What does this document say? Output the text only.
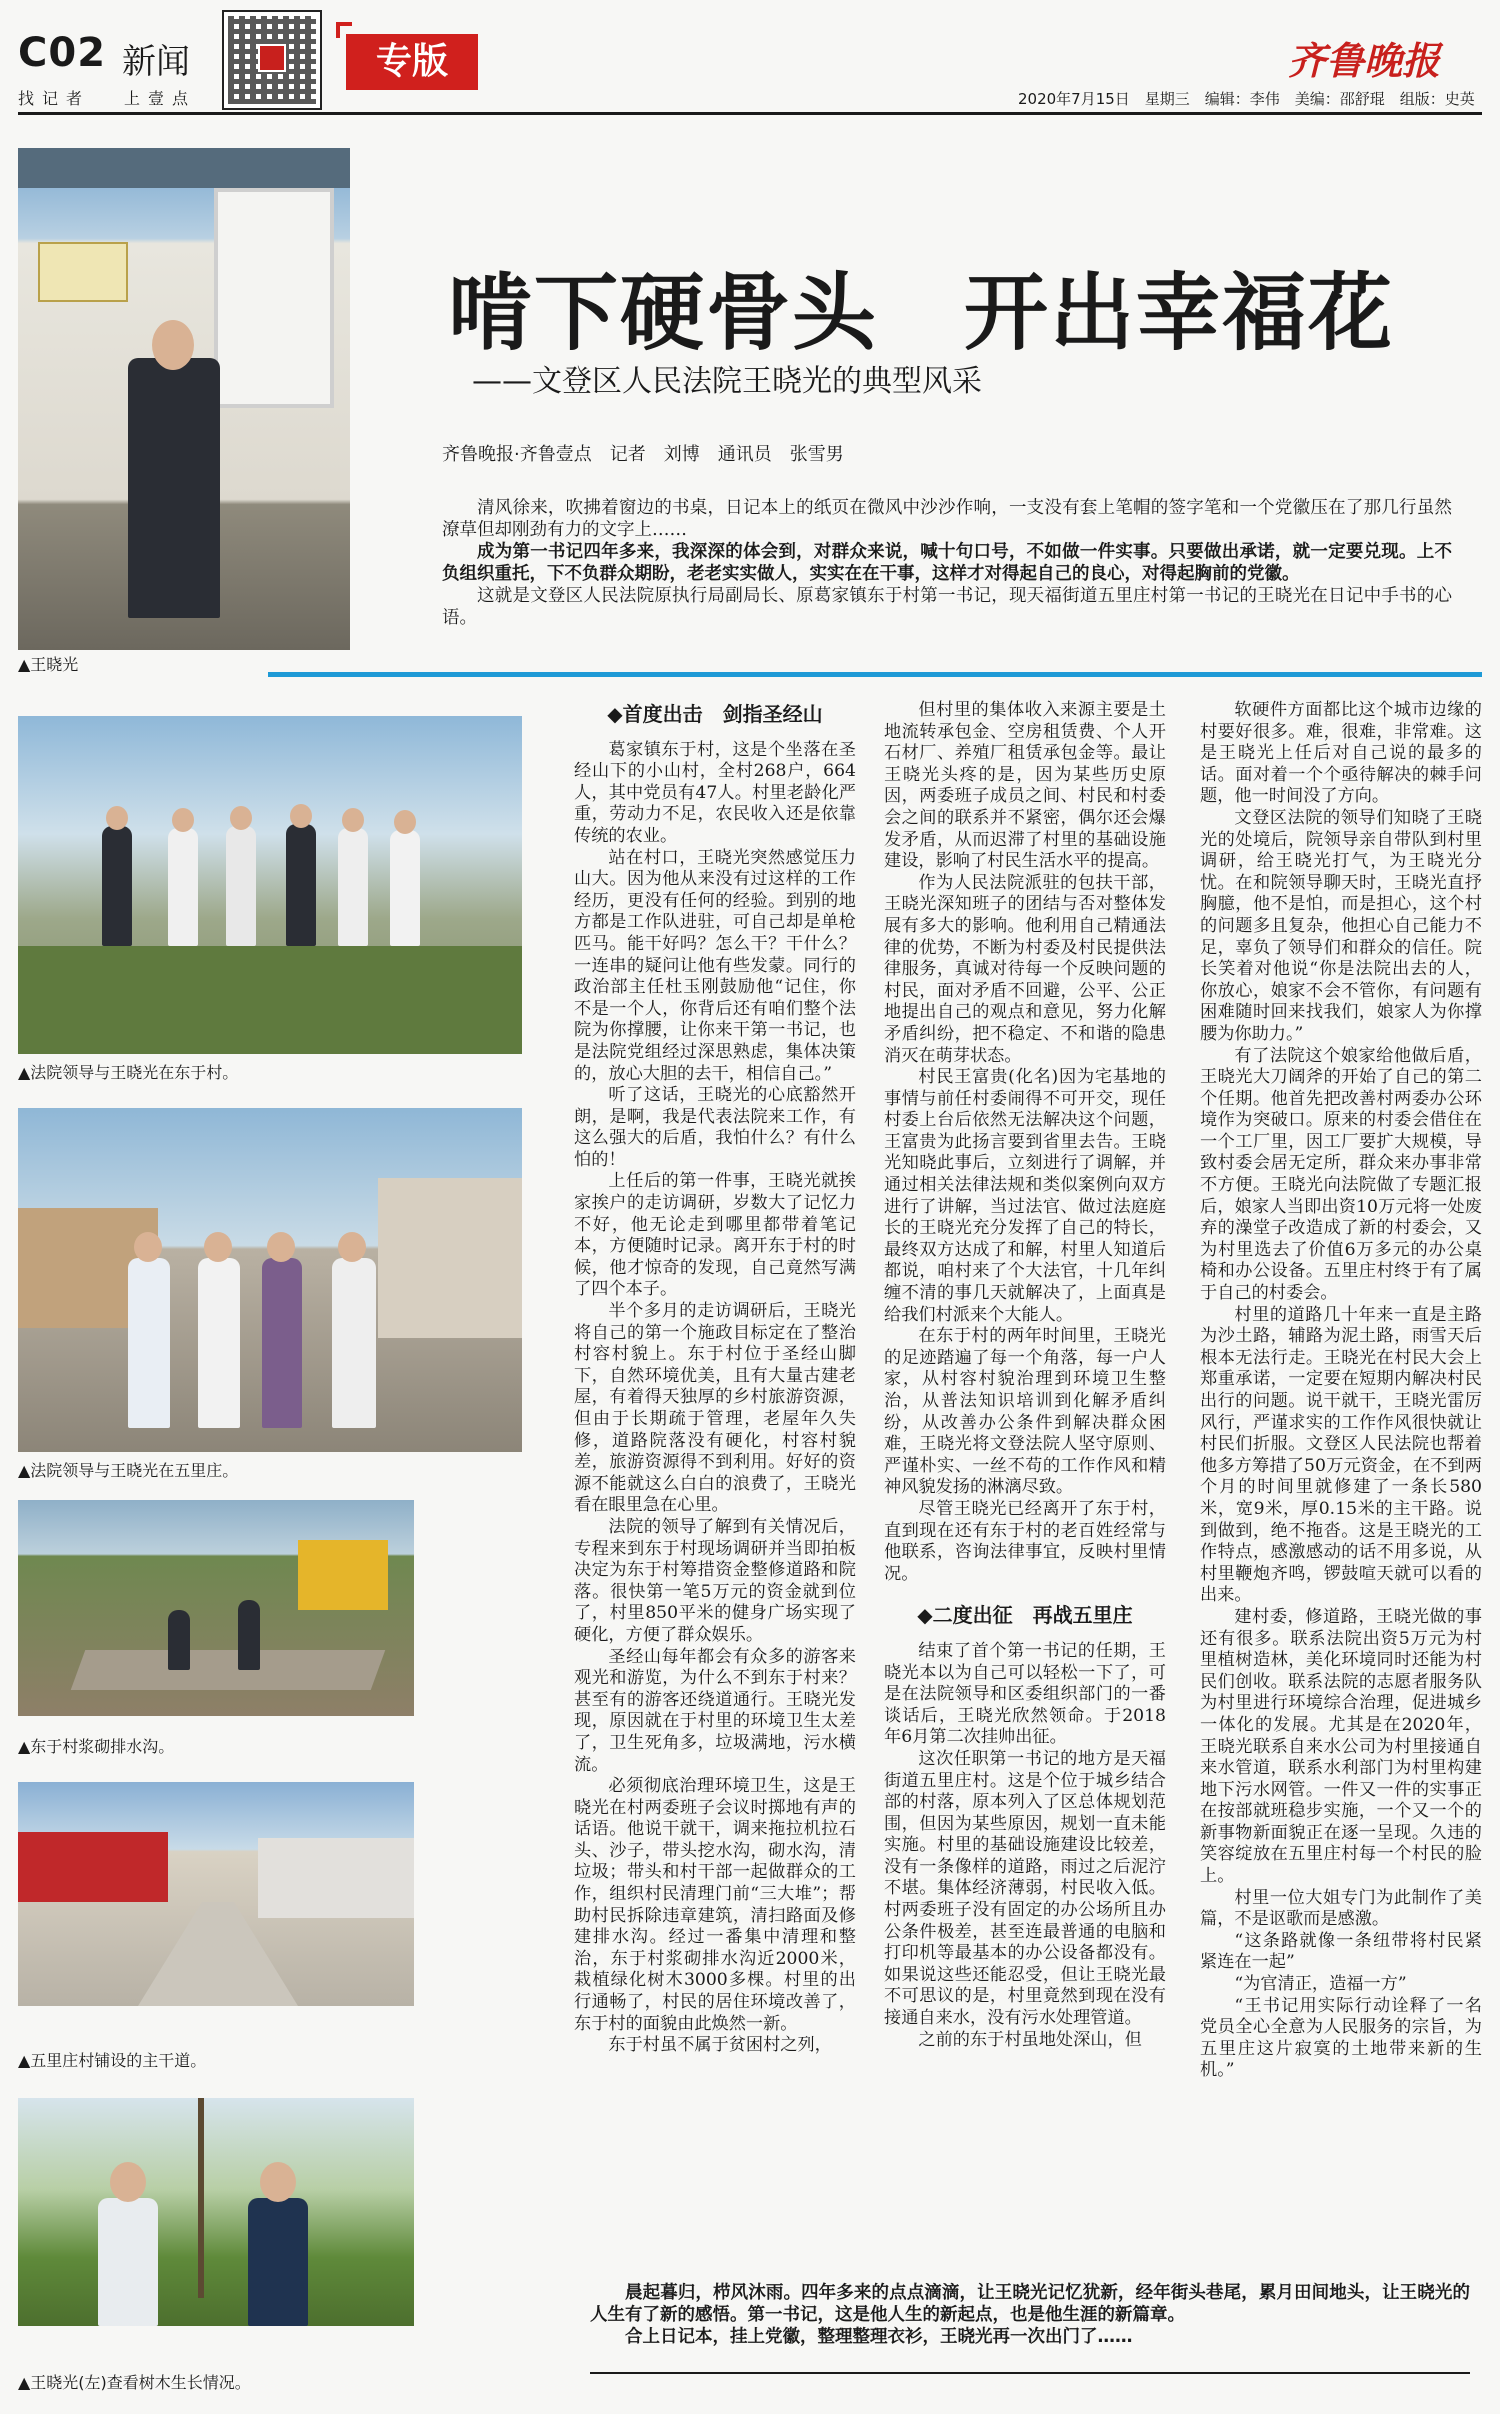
C02 新闻
找记者 上壹点
专版	齐鲁晚报
2020年7月15日　星期三　编辑：李伟　美编：邵舒琨　组版：史英
▲王晓光
啃下硬骨头　开出幸福花
——文登区人民法院王晓光的典型风采
齐鲁晚报·齐鲁壹点　记者　刘博　通讯员　张雪男

清风徐来，吹拂着窗边的书桌，日记本上的纸页在微风中沙沙作响，一支没有套上笔帽的签字笔和一个党徽压在了那几行虽然潦草但却刚劲有力的文字上……

成为第一书记四年多来，我深深的体会到，对群众来说，喊十句口号，不如做一件实事。只要做出承诺，就一定要兑现。上不负组织重托，下不负群众期盼，老老实实做人，实实在在干事，这样才对得起自己的良心，对得起胸前的党徽。

这就是文登区人民法院原执行局副局长、原葛家镇东于村第一书记，现天福街道五里庄村第一书记的王晓光在日记中手书的心语。

▲法院领导与王晓光在东于村。
▲法院领导与王晓光在五里庄。
▲东于村浆砌排水沟。
▲五里庄村铺设的主干道。
▲王晓光(左)查看树木生长情况。
◆首度出击　剑指圣经山

葛家镇东于村，这是个坐落在圣经山下的小山村，全村268户，664人，其中党员有47人。村里老龄化严重，劳动力不足，农民收入还是依靠传统的农业。

站在村口，王晓光突然感觉压力山大。因为他从来没有过这样的工作经历，更没有任何的经验。到别的地方都是工作队进驻，可自己却是单枪匹马。能干好吗？怎么干？干什么？一连串的疑问让他有些发蒙。同行的政治部主任杜玉刚鼓励他“记住，你不是一个人，你背后还有咱们整个法院为你撑腰，让你来干第一书记，也是法院党组经过深思熟虑，集体决策的，放心大胆的去干，相信自己。”

听了这话，王晓光的心底豁然开朗，是啊，我是代表法院来工作，有这么强大的后盾，我怕什么？有什么怕的！

上任后的第一件事，王晓光就挨家挨户的走访调研，岁数大了记忆力不好，他无论走到哪里都带着笔记本，方便随时记录。离开东于村的时候，他才惊奇的发现，自己竟然写满了四个本子。

半个多月的走访调研后，王晓光将自己的第一个施政目标定在了整治村容村貌上。东于村位于圣经山脚下，自然环境优美，且有大量古建老屋，有着得天独厚的乡村旅游资源，但由于长期疏于管理，老屋年久失修，道路院落没有硬化，村容村貌差，旅游资源得不到利用。好好的资源不能就这么白白的浪费了，王晓光看在眼里急在心里。

法院的领导了解到有关情况后，专程来到东于村现场调研并当即拍板决定为东于村筹措资金整修道路和院落。很快第一笔5万元的资金就到位了，村里850平米的健身广场实现了硬化，方便了群众娱乐。

圣经山每年都会有众多的游客来观光和游览，为什么不到东于村来？甚至有的游客还绕道通行。王晓光发现，原因就在于村里的环境卫生太差了，卫生死角多，垃圾满地，污水横流。

必须彻底治理环境卫生，这是王晓光在村两委班子会议时掷地有声的话语。他说干就干，调来拖拉机拉石头、沙子，带头挖水沟，砌水沟，清垃圾；带头和村干部一起做群众的工作，组织村民清理门前“三大堆”；帮助村民拆除违章建筑，清扫路面及修建排水沟。经过一番集中清理和整治，东于村浆砌排水沟近2000米，栽植绿化树木3000多棵。村里的出行通畅了，村民的居住环境改善了，东于村的面貌由此焕然一新。

东于村虽不属于贫困村之列，

但村里的集体收入来源主要是土地流转承包金、空房租赁费、个人开石材厂、养殖厂租赁承包金等。最让王晓光头疼的是，因为某些历史原因，两委班子成员之间、村民和村委会之间的联系并不紧密，偶尔还会爆发矛盾，从而迟滞了村里的基础设施建设，影响了村民生活水平的提高。

作为人民法院派驻的包扶干部，王晓光深知班子的团结与否对整体发展有多大的影响。他利用自己精通法律的优势，不断为村委及村民提供法律服务，真诚对待每一个反映问题的村民，面对矛盾不回避，公平、公正地提出自己的观点和意见，努力化解矛盾纠纷，把不稳定、不和谐的隐患消灭在萌芽状态。

村民王富贵(化名)因为宅基地的事情与前任村委闹得不可开交，现任村委上台后依然无法解决这个问题，王富贵为此扬言要到省里去告。王晓光知晓此事后，立刻进行了调解，并通过相关法律法规和类似案例向双方进行了讲解，当过法官、做过法庭庭长的王晓光充分发挥了自己的特长，最终双方达成了和解，村里人知道后都说，咱村来了个大法官，十几年纠缠不清的事几天就解决了，上面真是给我们村派来个大能人。

在东于村的两年时间里，王晓光的足迹踏遍了每一个角落，每一户人家，从村容村貌治理到环境卫生整治，从普法知识培训到化解矛盾纠纷，从改善办公条件到解决群众困难，王晓光将文登法院人坚守原则、严谨朴实、一丝不苟的工作作风和精神风貌发扬的淋漓尽致。

尽管王晓光已经离开了东于村，直到现在还有东于村的老百姓经常与他联系，咨询法律事宜，反映村里情况。

◆二度出征　再战五里庄

结束了首个第一书记的任期，王晓光本以为自己可以轻松一下了，可是在法院领导和区委组织部门的一番谈话后，王晓光欣然领命。于2018年6月第二次挂帅出征。

这次任职第一书记的地方是天福街道五里庄村。这是个位于城乡结合部的村落，原本列入了区总体规划范围，但因为某些原因，规划一直未能实施。村里的基础设施建设比较差，没有一条像样的道路，雨过之后泥泞不堪。集体经济薄弱，村民收入低。村两委班子没有固定的办公场所且办公条件极差，甚至连最普通的电脑和打印机等最基本的办公设备都没有。如果说这些还能忍受，但让王晓光最不可思议的是，村里竟然到现在没有接通自来水，没有污水处理管道。

之前的东于村虽地处深山，但

软硬件方面都比这个城市边缘的村要好很多。难，很难，非常难。这是王晓光上任后对自己说的最多的话。面对着一个个亟待解决的棘手问题，他一时间没了方向。

文登区法院的领导们知晓了王晓光的处境后，院领导亲自带队到村里调研，给王晓光打气，为王晓光分忧。在和院领导聊天时，王晓光直抒胸臆，他不是怕，而是担心，这个村的问题多且复杂，他担心自己能力不足，辜负了领导们和群众的信任。院长笑着对他说“你是法院出去的人，你放心，娘家不会不管你，有问题有困难随时回来找我们，娘家人为你撑腰为你助力。”

有了法院这个娘家给他做后盾，王晓光大刀阔斧的开始了自己的第二个任期。他首先把改善村两委办公环境作为突破口。原来的村委会借住在一个工厂里，因工厂要扩大规模，导致村委会居无定所，群众来办事非常不方便。王晓光向法院做了专题汇报后，娘家人当即出资10万元将一处废弃的澡堂子改造成了新的村委会，又为村里选去了价值6万多元的办公桌椅和办公设备。五里庄村终于有了属于自己的村委会。

村里的道路几十年来一直是主路为沙土路，辅路为泥土路，雨雪天后根本无法行走。王晓光在村民大会上郑重承诺，一定要在短期内解决村民出行的问题。说干就干，王晓光雷厉风行，严谨求实的工作作风很快就让村民们折服。文登区人民法院也帮着他多方筹措了50万元资金，在不到两个月的时间里就修建了一条长580米，宽9米，厚0.15米的主干路。说到做到，绝不拖沓。这是王晓光的工作特点，感激感动的话不用多说，从村里鞭炮齐鸣，锣鼓喧天就可以看的出来。

建村委，修道路，王晓光做的事还有很多。联系法院出资5万元为村里植树造林，美化环境同时还能为村民们创收。联系法院的志愿者服务队为村里进行环境综合治理，促进城乡一体化的发展。尤其是在2020年，王晓光联系自来水公司为村里接通自来水管道，联系水利部门为村里构建地下污水网管。一件又一件的实事正在按部就班稳步实施，一个又一个的新事物新面貌正在逐一呈现。久违的笑容绽放在五里庄村每一个村民的脸上。

村里一位大姐专门为此制作了美篇，不是讴歌而是感激。

“这条路就像一条纽带将村民紧紧连在一起”

“为官清正，造福一方”

“王书记用实际行动诠释了一名党员全心全意为人民服务的宗旨，为五里庄这片寂寞的土地带来新的生机。”

晨起暮归，栉风沐雨。四年多来的点点滴滴，让王晓光记忆犹新，经年街头巷尾，累月田间地头，让王晓光的人生有了新的感悟。第一书记，这是他人生的新起点，也是他生涯的新篇章。

合上日记本，挂上党徽，整理整理衣衫，王晓光再一次出门了……
